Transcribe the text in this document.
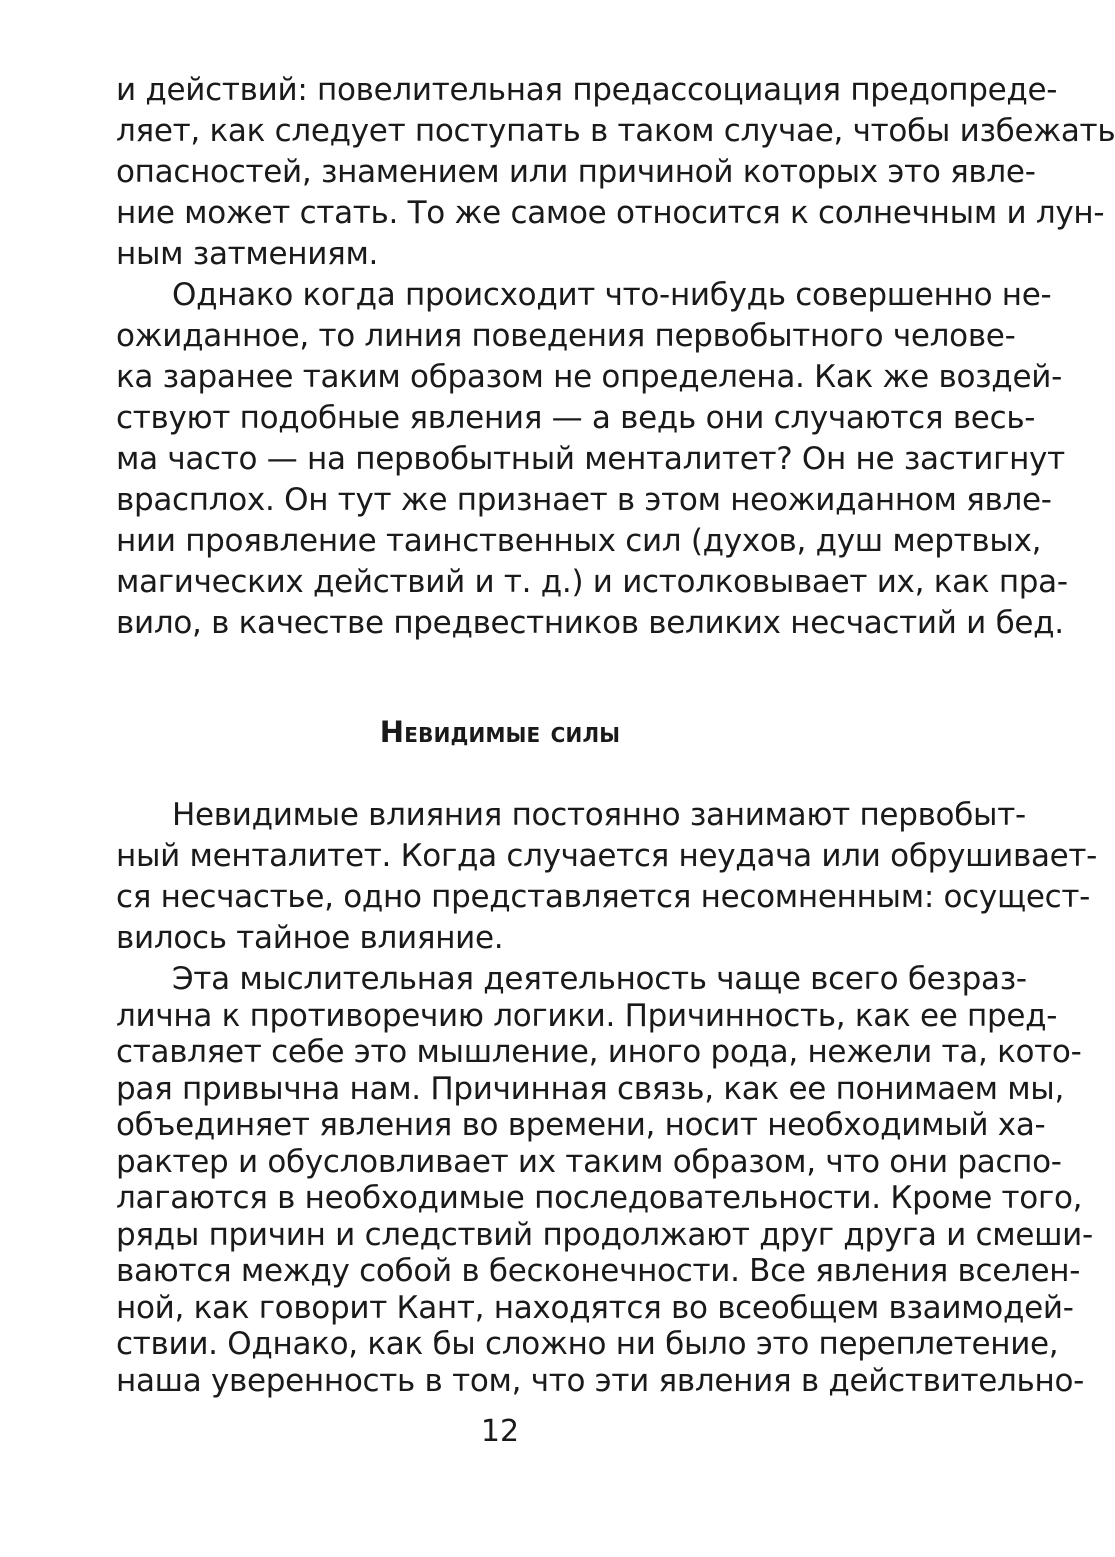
и действий: повелительная предассоциация предопреде-
ляет, как следует поступать в таком случае, чтобы избежать
опасностей, знамением или причиной которых это явле-
ние может стать. То же самое относится к солнечным и лун-
ным затмениям.
Однако когда происходит что-нибудь совершенно не-
ожиданное, то линия поведения первобытного челове-
ка заранее таким образом не определена. Как же воздей-
ствуют подобные явления — а ведь они случаются весь-
ма часто — на первобытный менталитет? Он не застигнут
врасплох. Он тут же признает в этом неожиданном явле-
нии проявление таинственных сил (духов, душ мертвых,
магических действий и т. д.) и истолковывает их, как пра-
вило, в качестве предвестников великих несчастий и бед.
Невидимые силы
Невидимые влияния постоянно занимают первобыт-
ный менталитет. Когда случается неудача или обрушивает-
ся несчастье, одно представляется несомненным: осущест-
вилось тайное влияние.
Эта мыслительная деятельность чаще всего безраз-
лична к противоречию логики. Причинность, как ее пред-
ставляет себе это мышление, иного рода, нежели та, кото-
рая привычна нам. Причинная связь, как ее понимаем мы,
объединяет явления во времени, носит необходимый ха-
рактер и обусловливает их таким образом, что они распо-
лагаются в необходимые последовательности. Кроме того,
ряды причин и следствий продолжают друг друга и смеши-
ваются между собой в бесконечности. Все явления вселен-
ной, как говорит Кант, находятся во всеобщем взаимодей-
ствии. Однако, как бы сложно ни было это переплетение,
12
наша уверенность в том, что эти явления в действительно-
